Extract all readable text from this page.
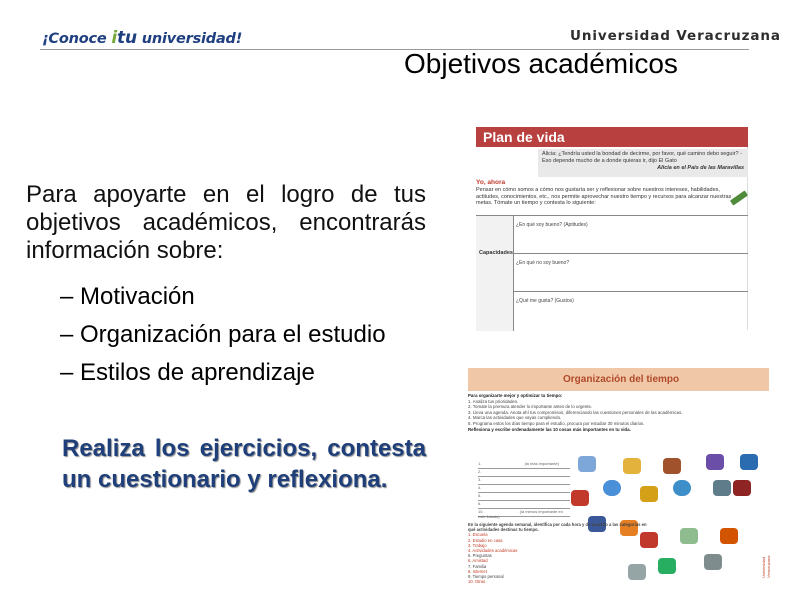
¡Conoce itu universidad!	Universidad Veracruzana
Objetivos académicos
Para apoyarte en el logro de tus objetivos académicos, encontrarás información sobre:
– Motivación
– Organización para el estudio
– Estilos de aprendizaje
Realiza los ejercicios, contesta un cuestionario y reflexiona.
Plan de vida
Alicia: ¿Tendría usted la bondad de decirme, por favor, qué camino debo seguir? -Eso depende mucho de a donde quieras ir, dijo El Gato
Alicia en el País de las Maravillas
Yo, ahora
Pensar en cómo somos a cómo nos gustaría ser y reflexionar sobre nuestros intereses, habilidades, actitudes, conocimientos, etc., nos permite aprovechar nuestro tiempo y recursos para alcanzar nuestras metas. Tómate un tiempo y contesta lo siguiente:
Capacidades
¿En qué soy bueno? (Aptitudes)
¿En qué no soy bueno?
¿Qué me gusta? (Gustos)
Organización del tiempo
Para organizarte mejor y optimizar tu tiempo:
1. Analiza tus prioridades.
2. Tomate la premura atender lo importante antes de lo urgente.
3. Lleva una agenda. Anota ahí tus compromisos, diferenciando las cuestiones personales de las académicas.
4. Marca las actividades que vayas cumpliendo.
5. Programa estos los días tiempo para el estudio, procura por estudiar 30 minutos diarios.
Reflexiona y escribe ordenadamente las 10 cosas más importantes en tu vida.
1.	(la más importante)
2.
3.
4.
5.
6.
10.	(la menos importante en este listado)
En la siguiente agenda semanal, identifica por cada hora y de acuerdo a las categorías en qué actividades destinas tu tiempo.
1. Escuela
2. Estudio en casa
3. Trabajo
4. Actividades académicas
5. Preguntas
6. Amistad
7. Familia
8. Internet
9. Tiempo personal
10. Otras
Universidad Veracruzana
